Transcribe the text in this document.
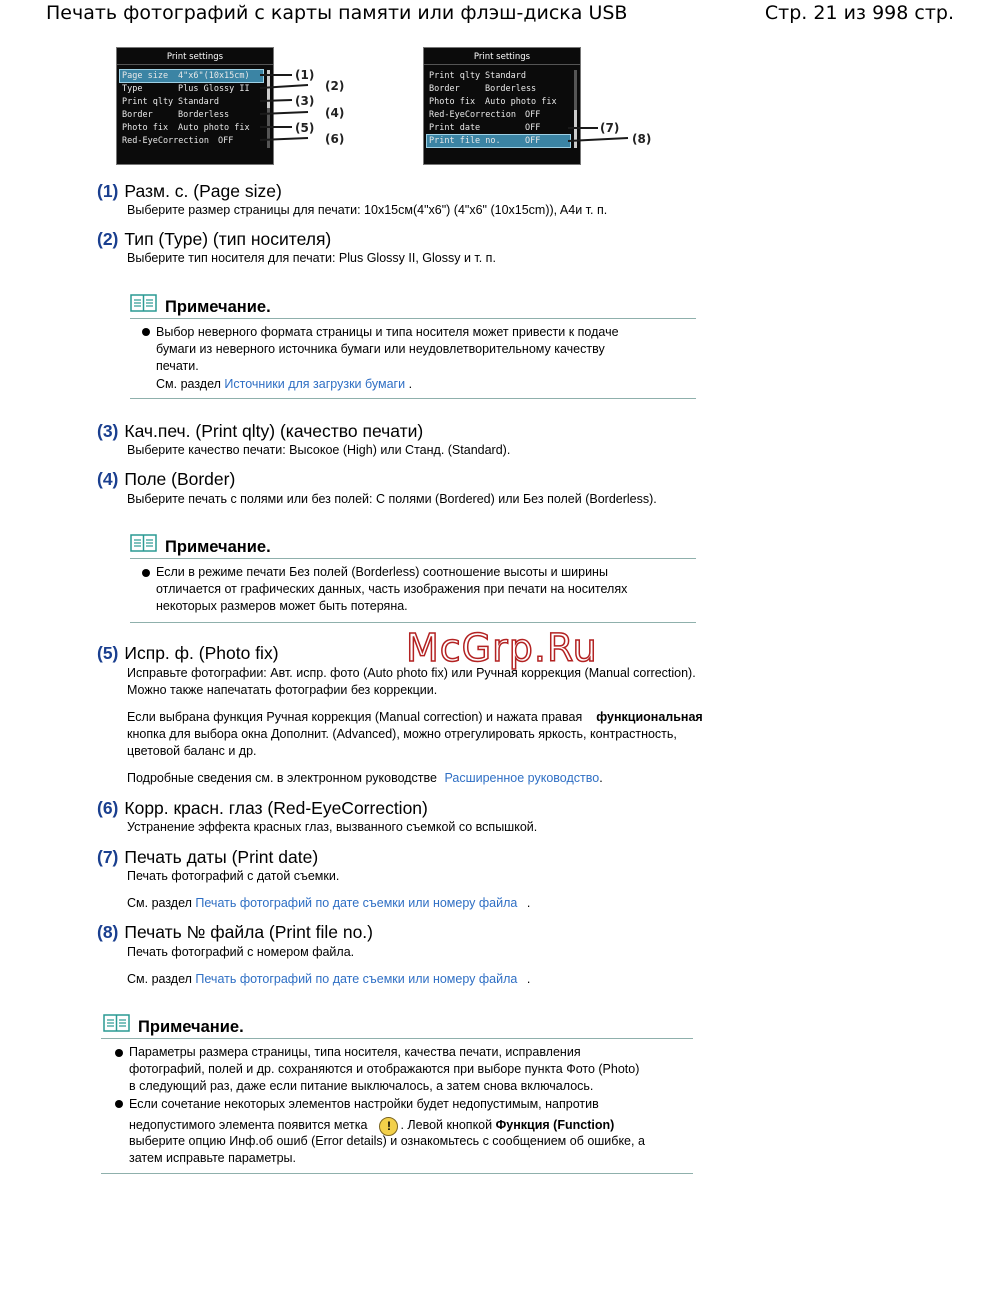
Печать фотографий с карты памяти или флэш-диска USB	Стр. 21 из 998 стр.
Print settings
Page size 4"x6"(10x15cm)
Type	Plus Glossy II
Print qlty Standard
Border	Borderless
Photo fix Auto photo fix
Red-EyeCorrection OFF
(1)
(2)
(3)
(4)
(5)
(6)
Print settings
Print qlty Standard
Border	Borderless
Photo fix Auto photo fix
Red-EyeCorrection OFF
Print date	OFF
Print file no.	OFF
(7)
(8)
(1) Разм. с. (Page size)
Выберите размер страницы для печати: 10x15см(4"x6") (4"x6" (10x15cm)), A4и т. п.
(2) Тип (Type) (тип носителя)
Выберите тип носителя для печати: Plus Glossy II, Glossy и т. п.
Примечание.
Выбор неверного формата страницы и типа носителя может привести к подаче
бумаги из неверного источника бумаги или неудовлетворительному качеству
печати.
См. раздел Источники для загрузки бумаги .
(3) Кач.печ. (Print qlty) (качество печати)
Выберите качество печати: Высокое (High) или Станд. (Standard).
(4) Поле (Border)
Выберите печать с полями или без полей: С полями (Bordered) или Без полей (Borderless).
Примечание.
Если в режиме печати Без полей (Borderless) соотношение высоты и ширины
отличается от графических данных, часть изображения при печати на носителях
некоторых размеров может быть потеряна.
McGrp.Ru
(5) Испр. ф. (Photo fix)
Исправьте фотографии: Авт. испр. фото (Auto photo fix) или Ручная коррекция (Manual correction).
Можно также напечатать фотографии без коррекции.
Если выбрана функция Ручная коррекция (Manual correction) и нажата правая функциональная
кнопка для выбора окна Дополнит. (Advanced), можно отрегулировать яркость, контрастность,
цветовой баланс и др.
Подробные сведения см. в электронном руководстве Расширенное руководство.
(6) Корр. красн. глаз (Red-EyeCorrection)
Устранение эффекта красных глаз, вызванного съемкой со вспышкой.
(7) Печать даты (Print date)
Печать фотографий с датой съемки.
См. раздел Печать фотографий по дате съемки или номеру файла .
(8) Печать № файла (Print file no.)
Печать фотографий с номером файла.
См. раздел Печать фотографий по дате съемки или номеру файла .
Примечание.
Параметры размера страницы, типа носителя, качества печати, исправления
фотографий, полей и др. сохраняются и отображаются при выборе пункта Фото (Photo)
в следующий раз, даже если питание выключалось, а затем снова включалось.
Если сочетание некоторых элементов настройки будет недопустимым, напротив
недопустимого элемента появится метка ! . Левой кнопкой Функция (Function)
выберите опцию Инф.об ошиб (Error details) и ознакомьтесь с сообщением об ошибке, а
затем исправьте параметры.
